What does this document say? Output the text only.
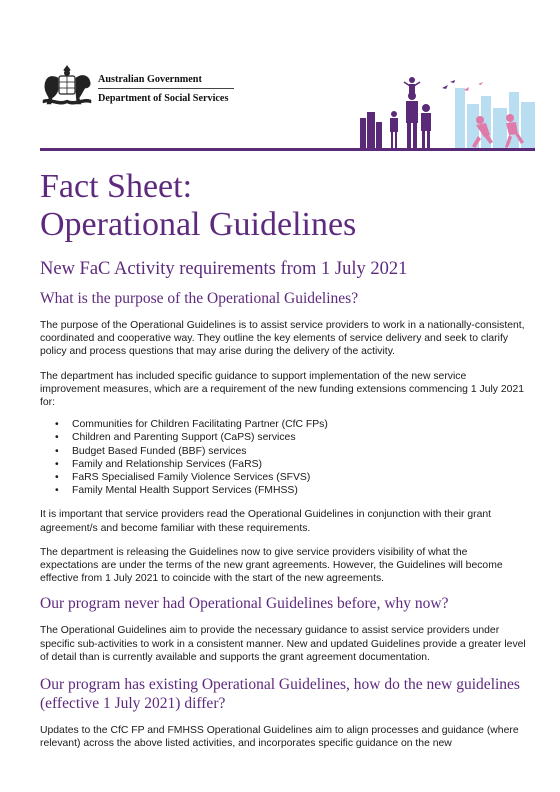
Australian Government
Department of Social Services
Fact Sheet:
Operational Guidelines
New FaC Activity requirements from 1 July 2021
What is the purpose of the Operational Guidelines?

The purpose of the Operational Guidelines is to assist service providers to work in a nationally-consistent, coordinated and cooperative way. They outline the key elements of service delivery and seek to clarify policy and process questions that may arise during the delivery of the activity.

The department has included specific guidance to support implementation of the new service improvement measures, which are a requirement of the new funding extensions commencing 1 July 2021 for:

• Communities for Children Facilitating Partner (CfC FPs)
• Children and Parenting Support (CaPS) services
• Budget Based Funded (BBF) services
• Family and Relationship Services (FaRS)
• FaRS Specialised Family Violence Services (SFVS)
• Family Mental Health Support Services (FMHSS)

It is important that service providers read the Operational Guidelines in conjunction with their grant agreement/s and become familiar with these requirements.

The department is releasing the Guidelines now to give service providers visibility of what the expectations are under the terms of the new grant agreements. However, the Guidelines will become effective from 1 July 2021 to coincide with the start of the new agreements.

Our program never had Operational Guidelines before, why now?

The Operational Guidelines aim to provide the necessary guidance to assist service providers under specific sub-activities to work in a consistent manner. New and updated Guidelines provide a greater level of detail than is currently available and supports the grant agreement documentation.

Our program has existing Operational Guidelines, how do the new guidelines (effective 1 July 2021) differ?

Updates to the CfC FP and FMHSS Operational Guidelines aim to align processes and guidance (where relevant) across the above listed activities, and incorporates specific guidance on the new
